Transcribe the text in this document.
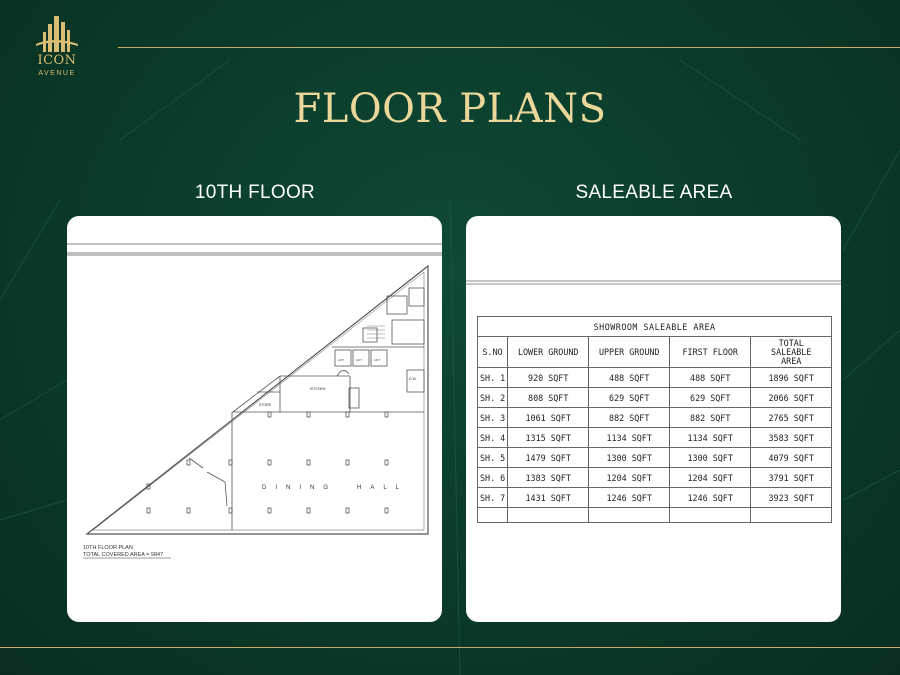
ICON
AVENUE
FLOOR PLANS
10TH FLOOR	SALEABLE AREA
DINING	HALL
KITCHEN
STORE
D.W.
LIFT	LIFT	LIFT
10TH FLOOR PLAN
TOTAL COVERED AREA = 9847
SHOWROOM SALEABLE AREA				
S.NO	LOWER GROUND	UPPER GROUND	FIRST FLOOR	TOTAL
SALEABLE
AREA
SH. 1	920 SQFT	488 SQFT	488 SQFT	1896 SQFT
SH. 2	808 SQFT	629 SQFT	629 SQFT	2066 SQFT
SH. 3	1061 SQFT	882 SQFT	882 SQFT	2765 SQFT
SH. 4	1315 SQFT	1134 SQFT	1134 SQFT	3583 SQFT
SH. 5	1479 SQFT	1300 SQFT	1300 SQFT	4079 SQFT
SH. 6	1383 SQFT	1204 SQFT	1204 SQFT	3791 SQFT
SH. 7	1431 SQFT	1246 SQFT	1246 SQFT	3923 SQFT
